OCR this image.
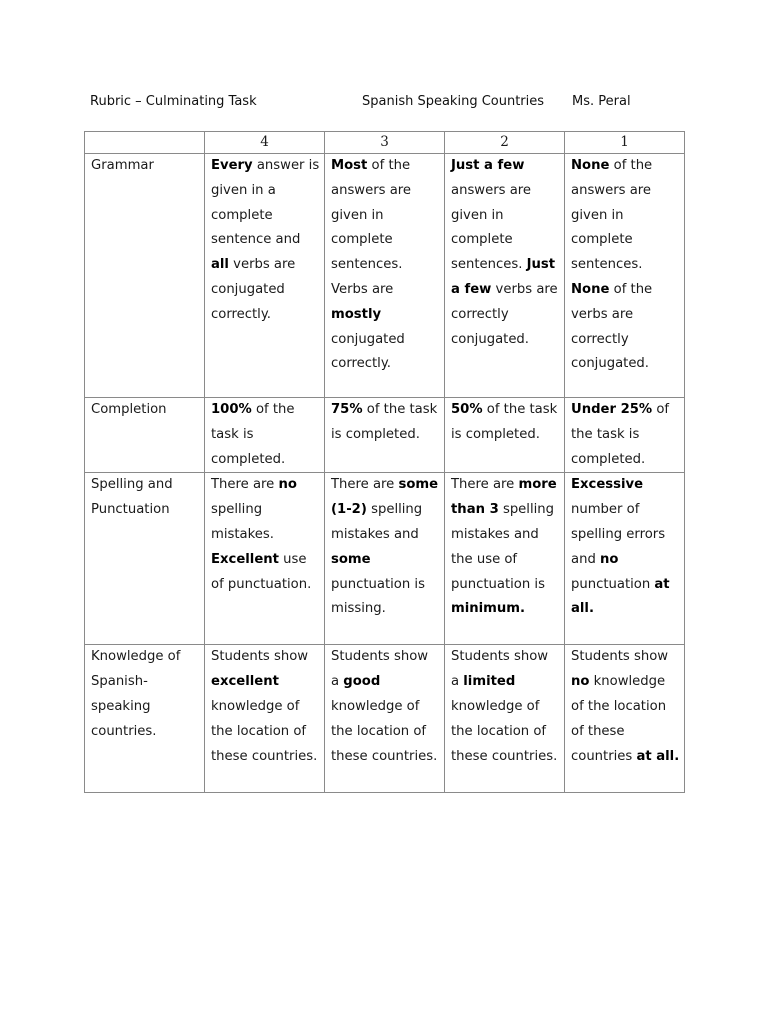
Rubric – Culminating Task	Spanish Speaking Countries Ms. Peral
	4	3	2	1
Grammar	Every answer is given in a complete sentence and all verbs are conjugated correctly.	Most of the answers are given in complete sentences. Verbs are mostly conjugated correctly.	Just a few answers are given in complete sentences. Just a few verbs are correctly conjugated.	None of the answers are given in complete sentences. None of the verbs are correctly conjugated.
Completion	100% of the task is completed.	75% of the task is completed.	50% of the task is completed.	Under 25% of the task is completed.
Spelling and Punctuation	There are no spelling mistakes. Excellent use of punctuation.	There are some (1-2) spelling mistakes and some punctuation is missing.	There are more than 3 spelling mistakes and the use of punctuation is minimum.	Excessive number of spelling errors and no punctuation at all.
Knowledge of Spanish-speaking countries.	Students show excellent knowledge of the location of these countries.	Students show a good knowledge of the location of these countries.	Students show a limited knowledge of the location of these countries.	Students show no knowledge of the location of these countries at all.
